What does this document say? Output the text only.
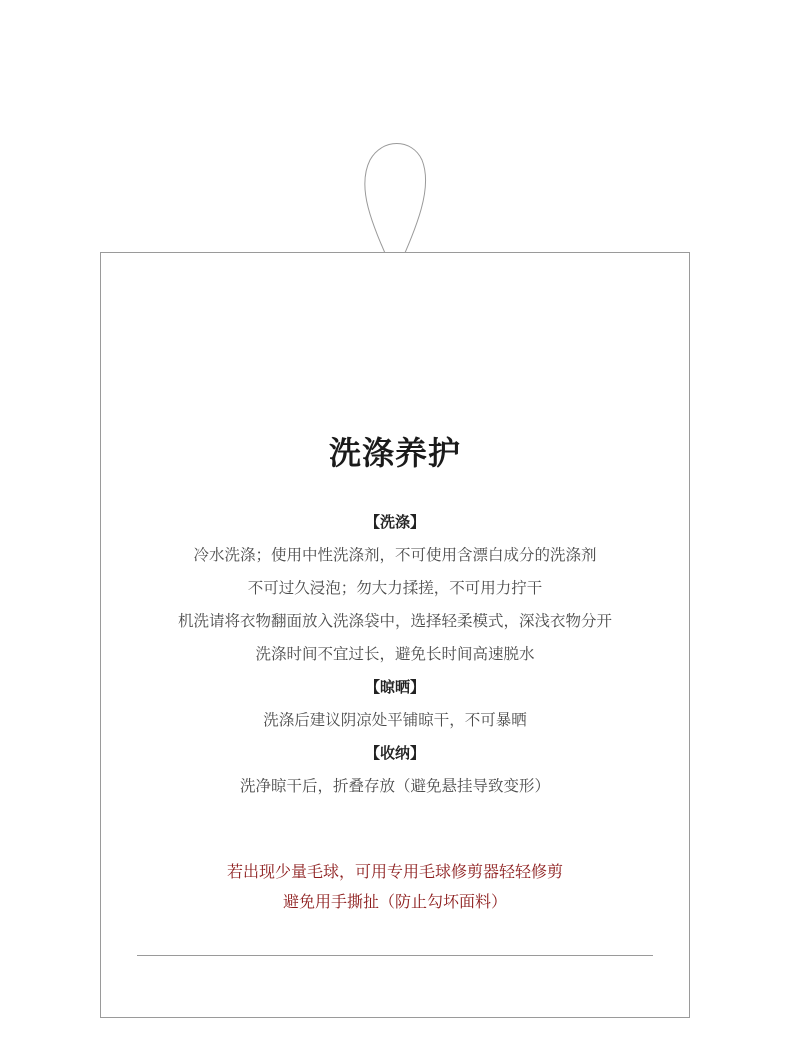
洗涤养护
【洗涤】
冷水洗涤；使用中性洗涤剂，不可使用含漂白成分的洗涤剂
不可过久浸泡；勿大力揉搓，不可用力拧干
机洗请将衣物翻面放入洗涤袋中，选择轻柔模式，深浅衣物分开
洗涤时间不宜过长，避免长时间高速脱水
【晾晒】
洗涤后建议阴凉处平铺晾干，不可暴晒
【收纳】
洗净晾干后，折叠存放（避免悬挂导致变形）
若出现少量毛球，可用专用毛球修剪器轻轻修剪
避免用手撕扯（防止勾坏面料）
